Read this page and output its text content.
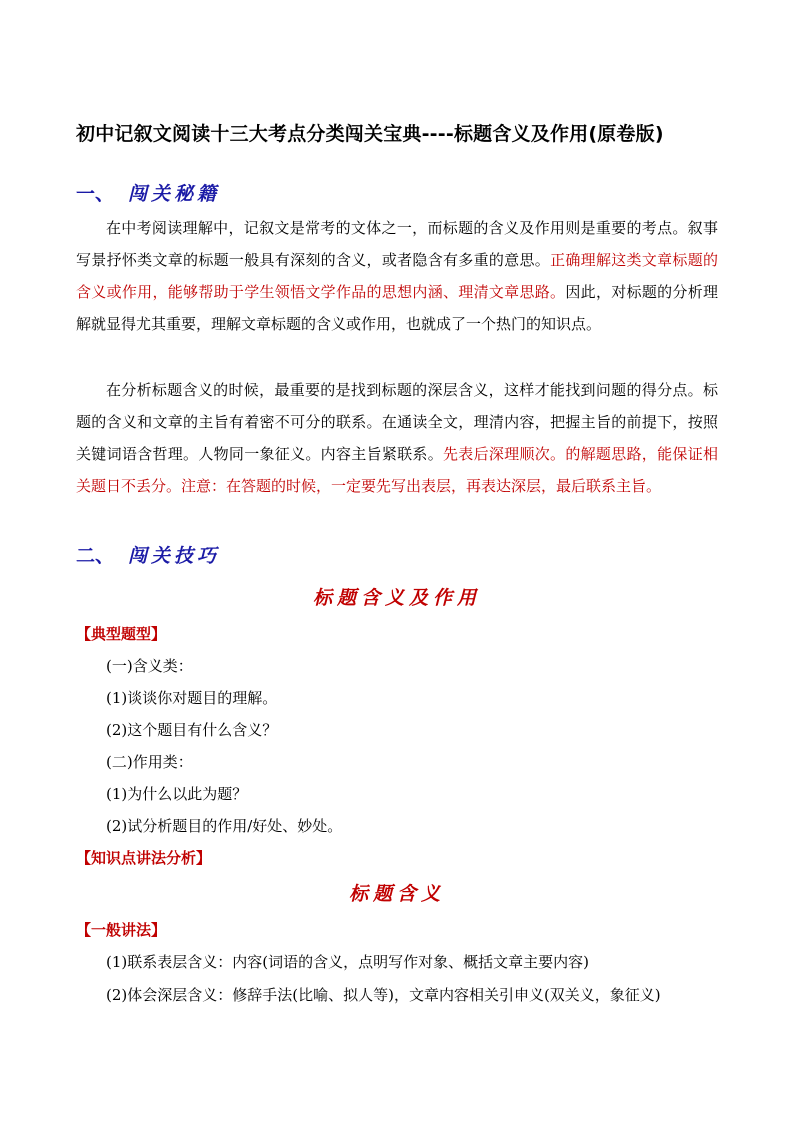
初中记叙文阅读十三大考点分类闯关宝典----标题含义及作用(原卷版)
一、 闯关秘籍
在中考阅读理解中，记叙文是常考的文体之一，而标题的含义及作用则是重要的考点。叙事写景抒怀类文章的标题一般具有深刻的含义，或者隐含有多重的意思。正确理解这类文章标题的含义或作用，能够帮助于学生领悟文学作品的思想内涵、理清文章思路。因此，对标题的分析理解就显得尤其重要，理解文章标题的含义或作用，也就成了一个热门的知识点。
在分析标题含义的时候，最重要的是找到标题的深层含义，这样才能找到问题的得分点。标题的含义和文章的主旨有着密不可分的联系。在通读全文，理清内容，把握主旨的前提下，按照关键词语含哲理。人物同一象征义。内容主旨紧联系。先表后深理顺次。的解题思路，能保证相关题日不丢分。注意：在答题的时候，一定要先写出表层，再表达深层，最后联系主旨。
二、 闯关技巧
标题含义及作用
【典型题型】
(一)含义类：
(1)谈谈你对题目的理解。
(2)这个题目有什么含义？
(二)作用类：
(1)为什么以此为题？
(2)试分析题目的作用/好处、妙处。
【知识点讲法分析】
标题含义
【一般讲法】
(1)联系表层含义：内容(词语的含义，点明写作对象、概括文章主要内容)
(2)体会深层含义：修辞手法(比喻、拟人等)，文章内容相关引申义(双关义，象征义)
